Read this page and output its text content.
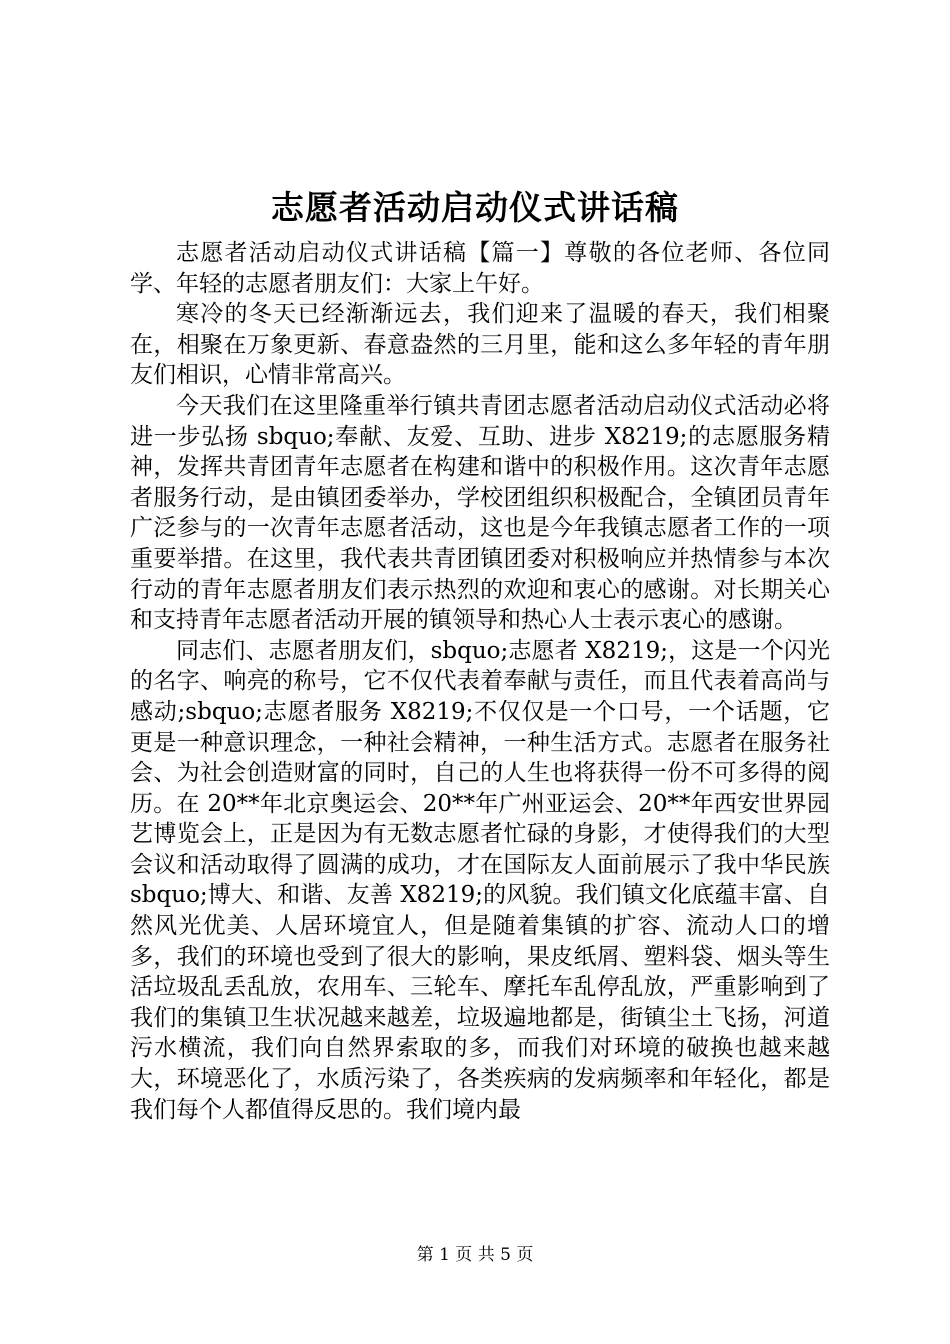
志愿者活动启动仪式讲话稿

志愿者活动启动仪式讲话稿【篇一】尊敬的各位老师、各位同学、年轻的志愿者朋友们：大家上午好。

寒冷的冬天已经渐渐远去，我们迎来了温暖的春天，我们相聚在，相聚在万象更新、春意盎然的三月里，能和这么多年轻的青年朋友们相识，心情非常高兴。

今天我们在这里隆重举行镇共青团志愿者活动启动仪式活动必将进一步弘扬 sbquo;奉献、友爱、互助、进步 X8219;的志愿服务精神，发挥共青团青年志愿者在构建和谐中的积极作用。这次青年志愿者服务行动，是由镇团委举办，学校团组织积极配合，全镇团员青年广泛参与的一次青年志愿者活动，这也是今年我镇志愿者工作的一项重要举措。在这里，我代表共青团镇团委对积极响应并热情参与本次行动的青年志愿者朋友们表示热烈的欢迎和衷心的感谢。对长期关心和支持青年志愿者活动开展的镇领导和热心人士表示衷心的感谢。

同志们、志愿者朋友们，sbquo;志愿者 X8219;，这是一个闪光的名字、响亮的称号，它不仅代表着奉献与责任，而且代表着高尚与感动;sbquo;志愿者服务 X8219;不仅仅是一个口号，一个话题，它更是一种意识理念，一种社会精神，一种生活方式。志愿者在服务社会、为社会创造财富的同时，自己的人生也将获得一份不可多得的阅历。在 20**年北京奥运会、20**年广州亚运会、20**年西安世界园艺博览会上，正是因为有无数志愿者忙碌的身影，才使得我们的大型会议和活动取得了圆满的成功，才在国际友人面前展示了我中华民族 sbquo;博大、和谐、友善 X8219;的风貌。我们镇文化底蕴丰富、自然风光优美、人居环境宜人，但是随着集镇的扩容、流动人口的增多，我们的环境也受到了很大的影响，果皮纸屑、塑料袋、烟头等生活垃圾乱丢乱放，农用车、三轮车、摩托车乱停乱放，严重影响到了我们的集镇卫生状况越来越差，垃圾遍地都是，街镇尘土飞扬，河道污水横流，我们向自然界索取的多，而我们对环境的破换也越来越大，环境恶化了，水质污染了，各类疾病的发病频率和年轻化，都是我们每个人都值得反思的。我们境内最

第 1 页 共 5 页
